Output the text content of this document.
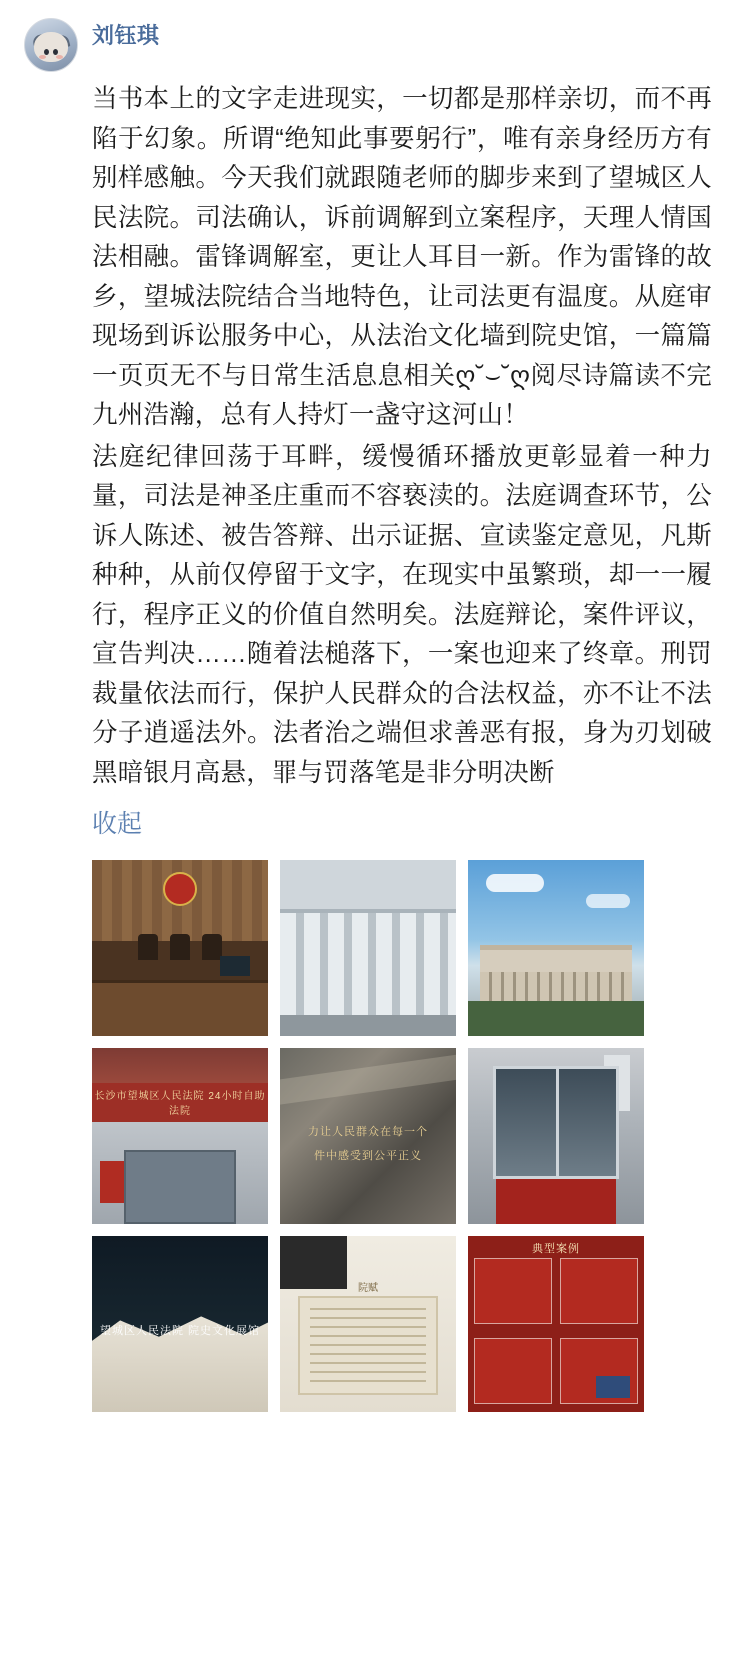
刘钰琪

当书本上的文字走进现实，一切都是那样亲切，而不再陷于幻象。所谓“绝知此事要躬行”，唯有亲身经历方有别样感触。今天我们就跟随老师的脚步来到了望城区人民法院。司法确认，诉前调解到立案程序，天理人情国法相融。雷锋调解室，更让人耳目一新。作为雷锋的故乡，望城法院结合当地特色，让司法更有温度。从庭审现场到诉讼服务中心，从法治文化墙到院史馆，一篇篇一页页无不与日常生活息息相关ღ˘⌣˘ღ阅尽诗篇读不完九州浩瀚，总有人持灯一盏守这河山！

法庭纪律回荡于耳畔，缓慢循环播放更彰显着一种力量，司法是神圣庄重而不容亵渎的。法庭调查环节，公诉人陈述、被告答辩、出示证据、宣读鉴定意见，凡斯种种，从前仅停留于文字，在现实中虽繁琐，却一一履行，程序正义的价值自然明矣。法庭辩论，案件评议，宣告判决……随着法槌落下，一案也迎来了终章。刑罚裁量依法而行，保护人民群众的合法权益，亦不让不法分子逍遥法外。法者治之端但求善恶有报，身为刃划破黑暗银月高悬，罪与罚落笔是非分明决断

收起
长沙市望城区人民法院 24小时自助法院
力让人民群众在每一个
件中感受到公平正义
望城区人民法院 院史文化展馆
院赋
典型案例
